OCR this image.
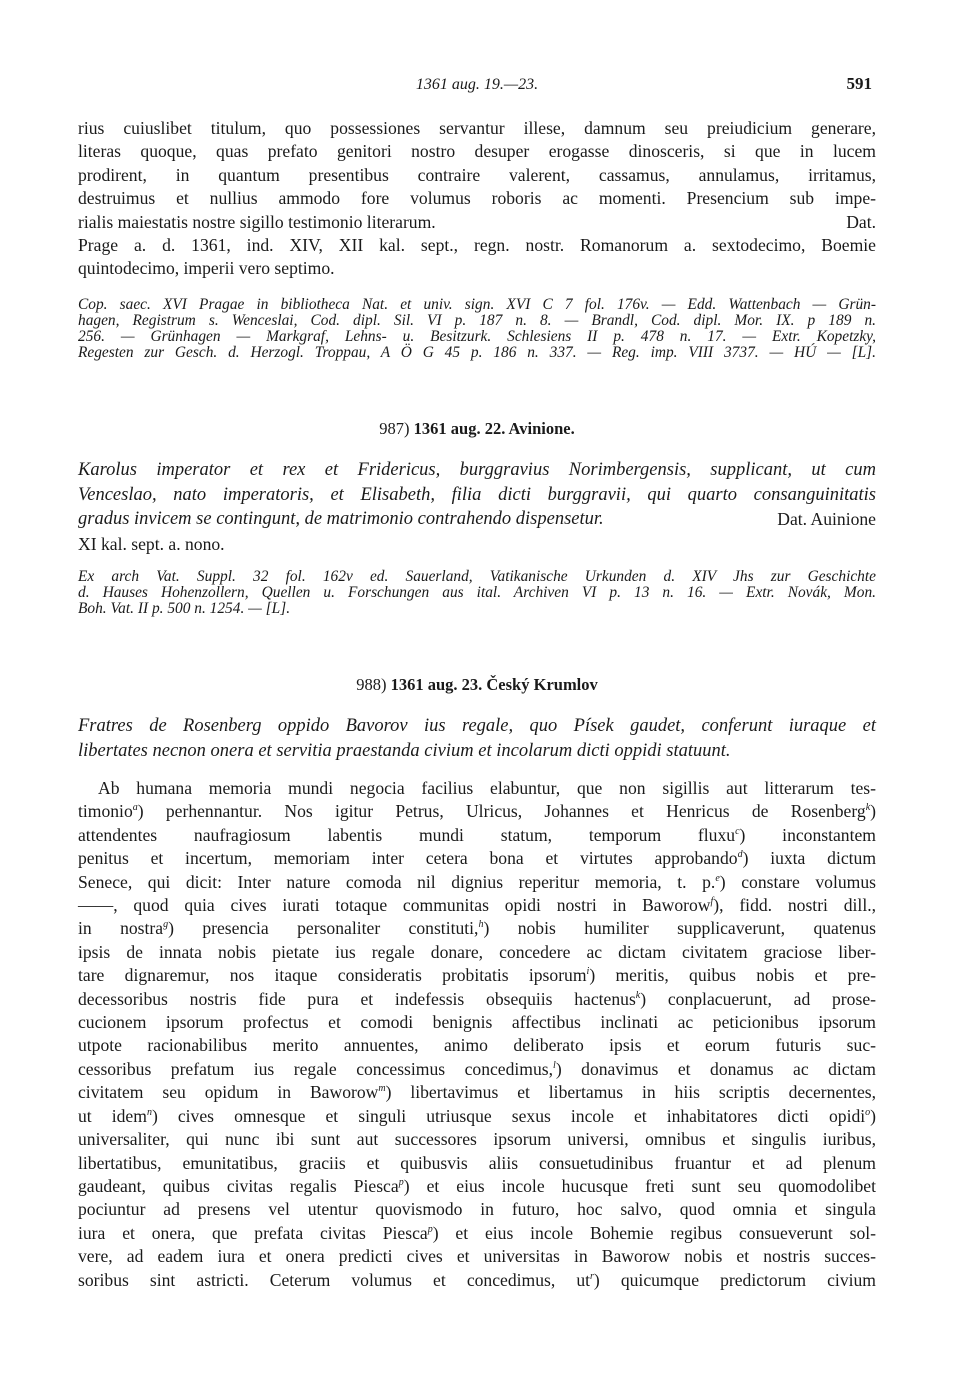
1361 aug. 19.—23.	591
rius cuiuslibet titulum, quo possessiones servantur illese, damnum seu preiudicium generare,
literas quoque, quas prefato genitori nostro desuper erogasse dinosceris, si que in lucem
prodirent, in quantum presentibus contraire valerent, cassamus, annulamus, irritamus,
destruimus et nullius ammodo fore volumus roboris ac momenti. Presencium sub impe-
rialis maiestatis nostre sigillo testimonio literarum.	Dat.
Prage a. d. 1361, ind. XIV, XII kal. sept., regn. nostr. Romanorum a. sextodecimo, Boemie
quintodecimo, imperii vero septimo.
Cop. saec. XVI Pragae in bibliotheca Nat. et univ. sign. XVI C 7 fol. 176v. — Edd. Wattenbach — Grün-
hagen, Registrum s. Wenceslai, Cod. dipl. Sil. VI p. 187 n. 8. — Brandl, Cod. dipl. Mor. IX. p 189 n.
256. — Grünhagen — Markgraf, Lehns- u. Besitzurk. Schlesiens II p. 478 n. 17. — Extr. Kopetzky,
Regesten zur Gesch. d. Herzogl. Troppau, A Ö G 45 p. 186 n. 337. — Reg. imp. VIII 3737. — HÚ — [L].
987) 1361 aug. 22. Avinione.
Karolus imperator et rex et Fridericus, burggravius Norimbergensis, supplicant, ut cum
Venceslao, nato imperatoris, et Elisabeth, filia dicti burggravii, qui quarto consanguinitatis
gradus invicem se contingunt, de matrimonio contrahendo dispensetur.	Dat. Auinione
XI kal. sept. a. nono.
Ex arch Vat. Suppl. 32 fol. 162v ed. Sauerland, Vatikanische Urkunden d. XIV Jhs zur Geschichte
d. Hauses Hohenzollern, Quellen u. Forschungen aus ital. Archiven VI p. 13 n. 16. — Extr. Novák, Mon.
Boh. Vat. II p. 500 n. 1254. — [L].
988) 1361 aug. 23. Český Krumlov
Fratres de Rosenberg oppido Bavorov ius regale, quo Písek gaudet, conferunt iuraque et
libertates necnon onera et servitia praestanda civium et incolarum dicti oppidi statuunt.
Ab humana memoria mundi negocia facilius elabuntur, que non sigillis aut litterarum tes-
timonio$^a$) perhennantur. Nos igitur Petrus, Ulricus, Johannes et Henricus de Rosenberg$^k$)
attendentes naufragiosum labentis mundi statum, temporum fluxu$^c$) inconstantem
penitus et incertum, memoriam inter cetera bona et virtutes approbando$^d$) iuxta dictum
Senece, qui dicit: Inter nature comoda nil dignius reperitur memoria, t. p.$^e$) constare volumus
——, quod quia cives iurati totaque communitas opidi nostri in Baworow$^f$), fidd. nostri dill.,
in nostra$^g$) presencia personaliter constituti,$^h$) nobis humiliter supplicaverunt, quatenus
ipsis de innata nobis pietate ius regale donare, concedere ac dictam civitatem graciose liber-
tare dignaremur, nos itaque consideratis probitatis ipsorum$^i$) meritis, quibus nobis et pre-
decessoribus nostris fide pura et indefessis obsequiis hactenus$^k$) conplacuerunt, ad prose-
cucionem ipsorum profectus et comodi benignis affectibus inclinati ac peticionibus ipsorum
utpote racionabilibus merito annuentes, animo deliberato ipsis et eorum futuris suc-
cessoribus prefatum ius regale concessimus concedimus,$^l$) donavimus et donamus ac dictam
civitatem seu opidum in Baworow$^m$) libertavimus et libertamus in hiis scriptis decernentes,
ut idem$^n$) cives omnesque et singuli utriusque sexus incole et inhabitatores dicti opidi$^o$)
universaliter, qui nunc ibi sunt aut successores ipsorum universi, omnibus et singulis iuribus,
libertatibus, emunitatibus, graciis et quibusvis aliis consuetudinibus fruantur et ad plenum
gaudeant, quibus civitas regalis Piesca$^p$) et eius incole hucusque freti sunt seu quomodolibet
pociuntur ad presens vel utentur quovismodo in futuro, hoc salvo, quod omnia et singula
iura et onera, que prefata civitas Piesca$^p$) et eius incole Bohemie regibus consueverunt sol-
vere, ad eadem iura et onera predicti cives et universitas in Baworow nobis et nostris succes-
soribus sint astricti. Ceterum volumus et concedimus, $ut^r$) quicumque predictorum civium
